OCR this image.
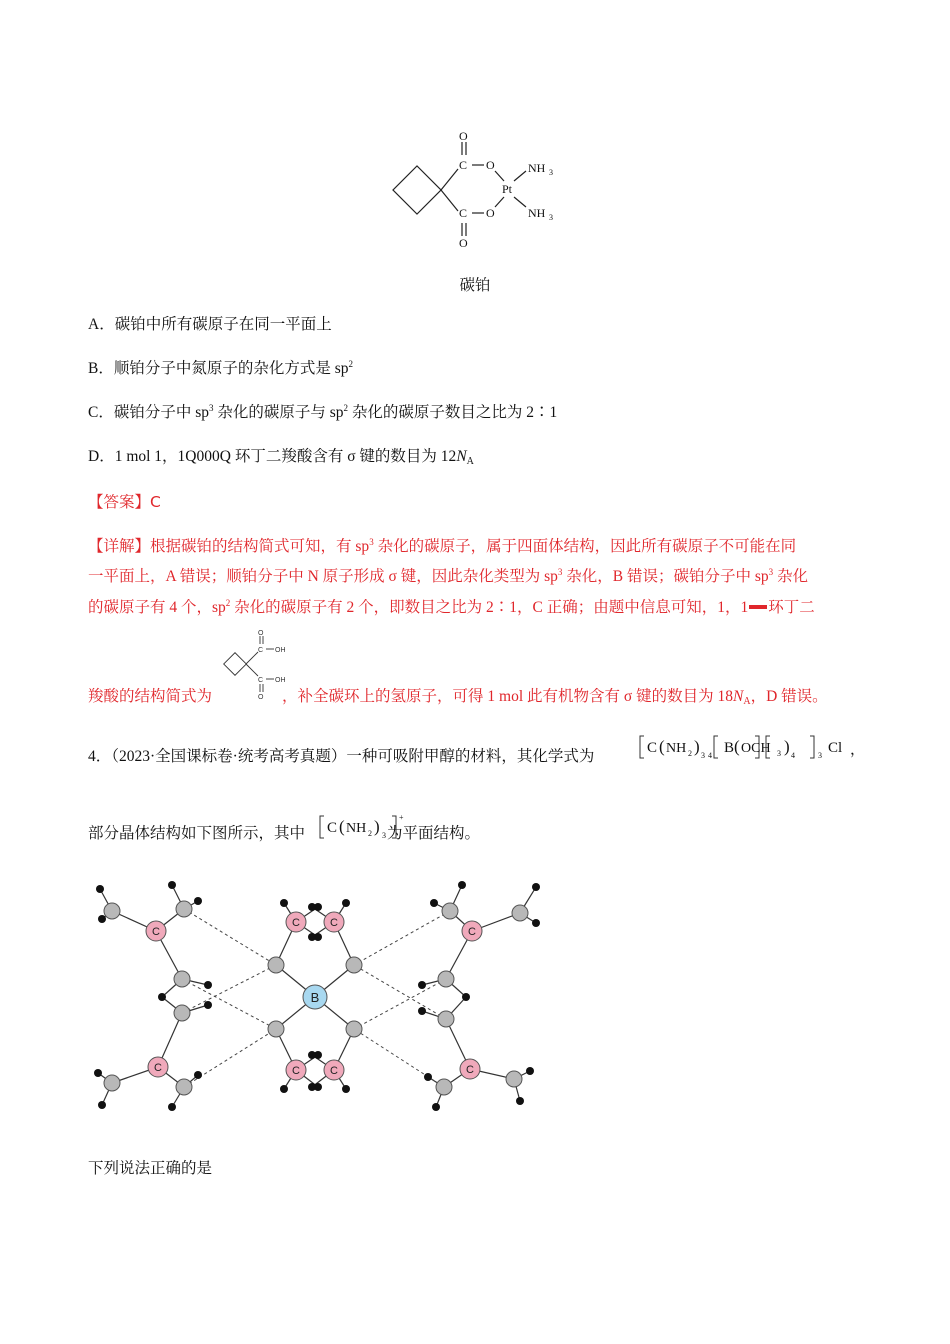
O
C O
Pt
NH 3
C O	NH 3
O
碳铂
A．碳铂中所有碳原子在同一平面上
B．顺铂分子中氮原子的杂化方式是 $sp^2$
C．碳铂分子中 $sp^3$ 杂化的碳原子与 $sp^2$ 杂化的碳原子数目之比为 2∶1
D．1 mol 1，1Q000Q 环丁二羧酸含有 σ 键的数目为 $12N_A$
【答案】C
【详解】根据碳铂的结构简式可知，有 $sp^3$ 杂化的碳原子，属于四面体结构，因此所有碳原子不可能在同
一平面上，A 错误；顺铂分子中 N 原子形成 σ 键，因此杂化类型为 $sp^3$ 杂化，B 错误；碳铂分子中 $sp^3$ 杂化
的碳原子有 4 个，$sp^2$ 杂化的碳原子有 2 个，即数目之比为 2∶1，C 正确；由题中信息可知，1，1 环丁二
O
C OH
C OH
O
羧酸的结构简式为	，补全碳环上的氢原子，可得 1 mol 此有机物含有 σ 键的数目为 $18N_A$，D 错误。
4．（2023·全国课标卷·统考高考真题）一种可吸附甲醇的材料，其化学式为	C ( NH 2 ) 3 4 B ( OCH 3 ) 4	3 Cl ，
部分晶体结构如下图所示，其中	为平面结构。
C ( NH 2 ) 3
+
C
C
C
C
C	C
C	C
B
下列说法正确的是
